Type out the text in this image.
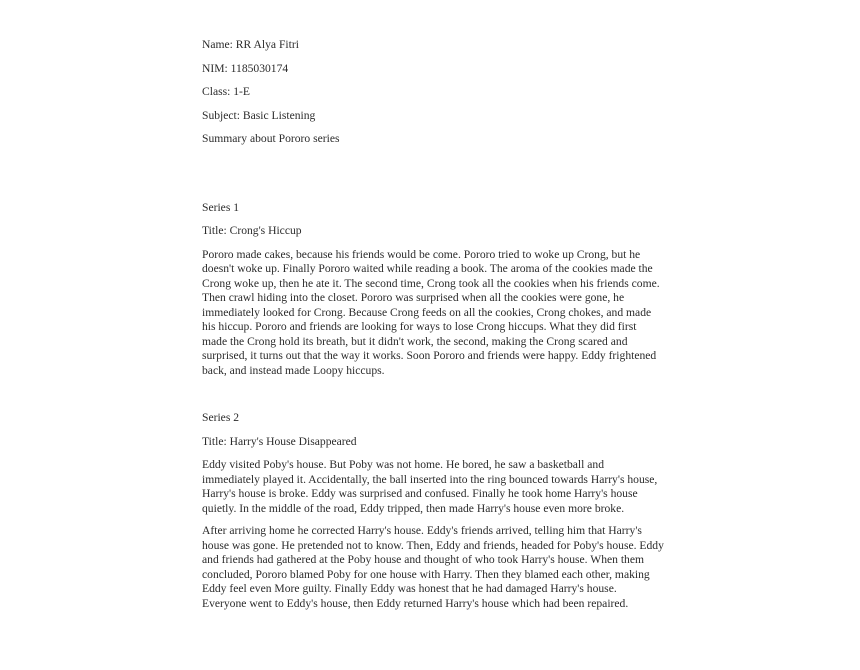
Name: RR Alya Fitri

NIM: 1185030174

Class: 1-E

Subject: Basic Listening

Summary about Pororo series

Series 1

Title: Crong's Hiccup

Pororo made cakes, because his friends would be come. Pororo tried to woke up Crong, but he doesn't woke up. Finally Pororo waited while reading a book. The aroma of the cookies made the Crong woke up, then he ate it. The second time, Crong took all the cookies when his friends come. Then crawl hiding into the closet. Pororo was surprised when all the cookies were gone, he immediately looked for Crong. Because Crong feeds on all the cookies, Crong chokes, and made his hiccup. Pororo and friends are looking for ways to lose Crong hiccups. What they did first made the Crong hold its breath, but it didn't work, the second, making the Crong scared and surprised, it turns out that the way it works. Soon Pororo and friends were happy. Eddy frightened back, and instead made Loopy hiccups.

Series 2

Title: Harry's House Disappeared

Eddy visited Poby's house. But Poby was not home. He bored, he saw a basketball and immediately played it. Accidentally, the ball inserted into the ring bounced towards Harry's house, Harry's house is broke. Eddy was surprised and confused. Finally he took home Harry's house quietly. In the middle of the road, Eddy tripped, then made Harry's house even more broke.

After arriving home he corrected Harry's house. Eddy's friends arrived, telling him that Harry's house was gone. He pretended not to know. Then, Eddy and friends, headed for Poby's house. Eddy and friends had gathered at the Poby house and thought of who took Harry's house. When them concluded, Pororo blamed Poby for one house with Harry. Then they blamed each other, making Eddy feel even More guilty. Finally Eddy was honest that he had damaged Harry's house. Everyone went to Eddy's house, then Eddy returned Harry's house which had been repaired.
